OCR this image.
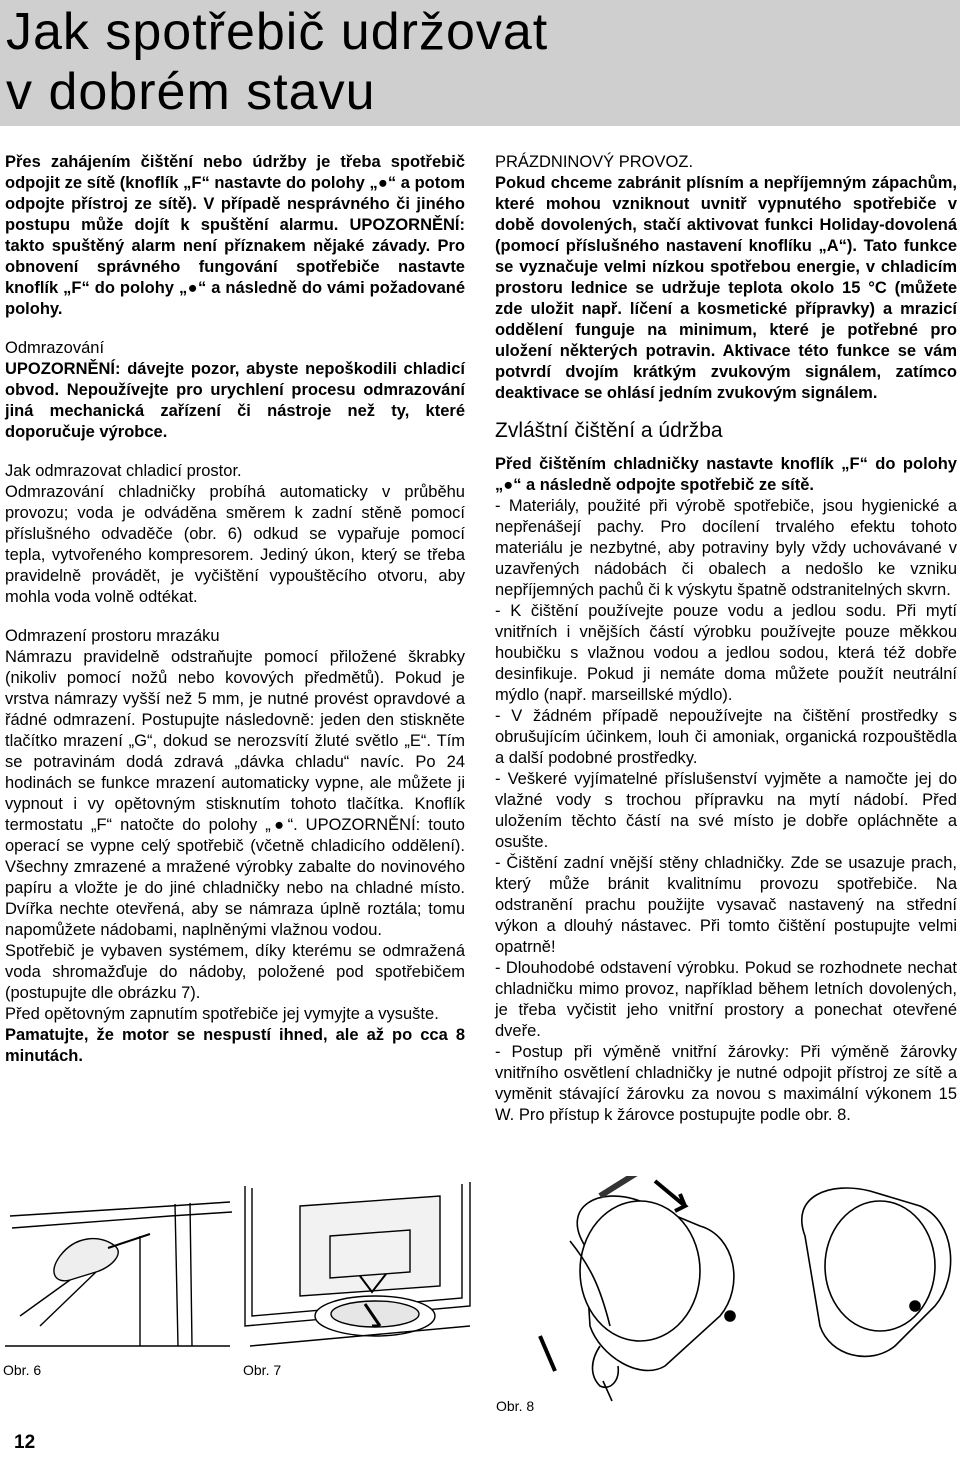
Jak spotřebič udržovat
v dobrém stavu

Přes zahájením čištění nebo údržby je třeba spotřebič odpojit ze sítě (knoflík „F“ nastavte do polohy „●“ a potom odpojte přístroj ze sítě). V případě nesprávného či jiného postupu může dojít k spuštění alarmu. UPOZORNĚNÍ: takto spuštěný alarm není příznakem nějaké závady. Pro obnovení správného fungování spotřebiče nastavte knoflík „F“ do polohy „●“ a následně do vámi požadované polohy.

Odmrazování

UPOZORNĚNÍ: dávejte pozor, abyste nepoškodili chladicí obvod. Nepoužívejte pro urychlení procesu odmrazování jiná mechanická zařízení či nástroje než ty, které doporučuje výrobce.

Jak odmrazovat chladicí prostor.

Odmrazování chladničky probíhá automaticky v průběhu provozu; voda je odváděna směrem k zadní stěně pomocí příslušného odvaděče (obr. 6) odkud se vypařuje pomocí tepla, vytvořeného kompresorem. Jediný úkon, který se třeba pravidelně provádět, je vyčištění vypouštěcího otvoru, aby mohla voda volně odtékat.

Odmrazení prostoru mrazáku

Námrazu pravidelně odstraňujte pomocí přiložené škrabky (nikoliv pomocí nožů nebo kovových předmětů). Pokud je vrstva námrazy vyšší než 5 mm, je nutné provést opravdové a řádné odmrazení. Postupujte následovně: jeden den stiskněte tlačítko mrazení „G“, dokud se nerozsvítí žluté světlo „E“. Tím se potravinám dodá zdravá „dávka chladu“ navíc. Po 24 hodinách se funkce mrazení automaticky vypne, ale můžete ji vypnout i vy opětovným stisknutím tohoto tlačítka. Knoflík termostatu „F“ natočte do polohy „●“. UPOZORNĚNÍ: touto operací se vypne celý spotřebič (včetně chladicího oddělení). Všechny zmrazené a mražené výrobky zabalte do novinového papíru a vložte je do jiné chladničky nebo na chladné místo. Dvířka nechte otevřená, aby se námraza úplně roztála; tomu napomůžete nádobami, naplněnými vlažnou vodou.

Spotřebič je vybaven systémem, díky kterému se odmražená voda shromažďuje do nádoby, položené pod spotřebičem (postupujte dle obrázku 7).

Před opětovným zapnutím spotřebiče jej vymyjte a vysušte.

Pamatujte, že motor se nespustí ihned, ale až po cca 8 minutách.

PRÁZDNINOVÝ PROVOZ.

Pokud chceme zabránit plísním a nepříjemným zápachům, které mohou vzniknout uvnitř vypnutého spotřebiče v době dovolených, stačí aktivovat funkci Holiday-dovolená (pomocí příslušného nastavení knoflíku „A“). Tato funkce se vyznačuje velmi nízkou spotřebou energie, v chladicím prostoru lednice se udržuje teplota okolo 15 °C (můžete zde uložit např. líčení a kosmetické přípravky) a mrazicí oddělení funguje na minimum, které je potřebné pro uložení některých potravin. Aktivace této funkce se vám potvrdí dvojím krátkým zvukovým signálem, zatímco deaktivace se ohlásí jedním zvukovým signálem.

Zvláštní čištění a údržba

Před čištěním chladničky nastavte knoflík „F“ do polohy „●“ a následně odpojte spotřebič ze sítě.

- Materiály, použité při výrobě spotřebiče, jsou hygienické a nepřenášejí pachy. Pro docílení trvalého efektu tohoto materiálu je nezbytné, aby potraviny byly vždy uchovávané v uzavřených nádobách či obalech a nedošlo ke vzniku nepříjemných pachů či k výskytu špatně odstranitelných skvrn.

- K čištění používejte pouze vodu a jedlou sodu. Při mytí vnitřních i vnějších částí výrobku používejte pouze měkkou houbičku s vlažnou vodou a jedlou sodou, která též dobře desinfikuje. Pokud ji nemáte doma můžete použít neutrální mýdlo (např. marseillské mýdlo).

- V žádném případě nepoužívejte na čištění prostředky s obrušujícím účinkem, louh či amoniak, organická rozpouštědla a další podobné prostředky.

- Veškeré vyjímatelné příslušenství vyjměte a namočte jej do vlažné vody s trochou přípravku na mytí nádobí. Před uložením těchto částí na své místo je dobře opláchněte a osušte.

- Čištění zadní vnější stěny chladničky. Zde se usazuje prach, který může bránit kvalitnímu provozu spotřebiče. Na odstranění prachu použijte vysavač nastavený na střední výkon a dlouhý nástavec. Při tomto čištění postupujte velmi opatrně!

- Dlouhodobé odstavení výrobku. Pokud se rozhodnete nechat chladničku mimo provoz, například během letních dovolených, je třeba vyčistit jeho vnitřní prostory a ponechat otevřené dveře.

- Postup při výměně vnitřní žárovky: Při výměně žárovky vnitřního osvětlení chladničky je nutné odpojit přístroj ze sítě a vyměnit stávající žárovku za novou s maximální výkonem 15 W. Pro přístup k žárovce postupujte podle obr. 8.

Obr. 6	Obr. 7
Obr. 8
12
